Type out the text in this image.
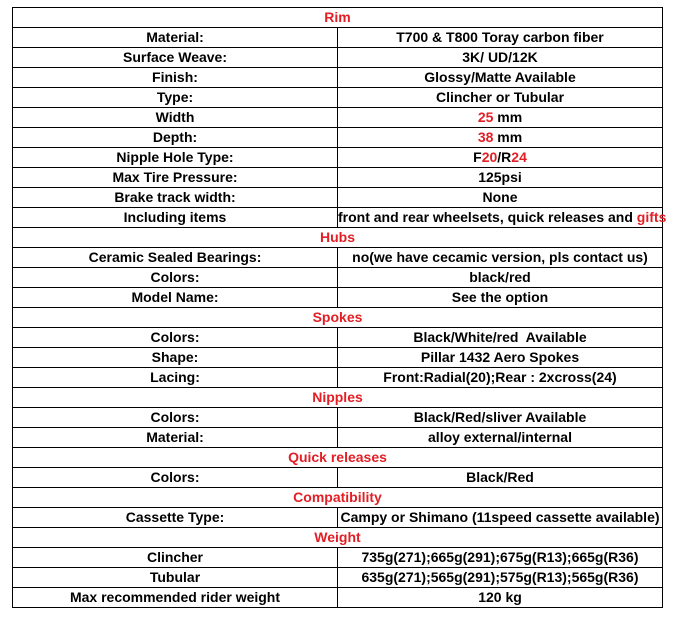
Rim	
Material:	T700 & T800 Toray carbon fiber
Surface Weave:	3K/ UD/12K
Finish:	Glossy/Matte Available
Type:	Clincher or Tubular
Width	25 mm
Depth:	38 mm
Nipple Hole Type:	F20/R24
Max Tire Pressure:	125psi
Brake track width:	None
Including items	front and rear wheelsets, quick releases and gifts
Hubs	
Ceramic Sealed Bearings:	no(we have cecamic version, pls contact us)
Colors:	black/red
Model Name:	See the option
Spokes	
Colors:	Black/White/red  Available
Shape:	Pillar 1432 Aero Spokes
Lacing:	Front:Radial(20);Rear : 2xcross(24)
Nipples	
Colors:	Black/Red/sliver Available
Material:	alloy external/internal
Quick releases	
Colors:	Black/Red
Compatibility	
Cassette Type:	Campy or Shimano (11speed cassette available)
Weight	
Clincher	735g(271);665g(291);675g(R13);665g(R36)
Tubular	635g(271);565g(291);575g(R13);565g(R36)
Max recommended rider weight	120 kg
